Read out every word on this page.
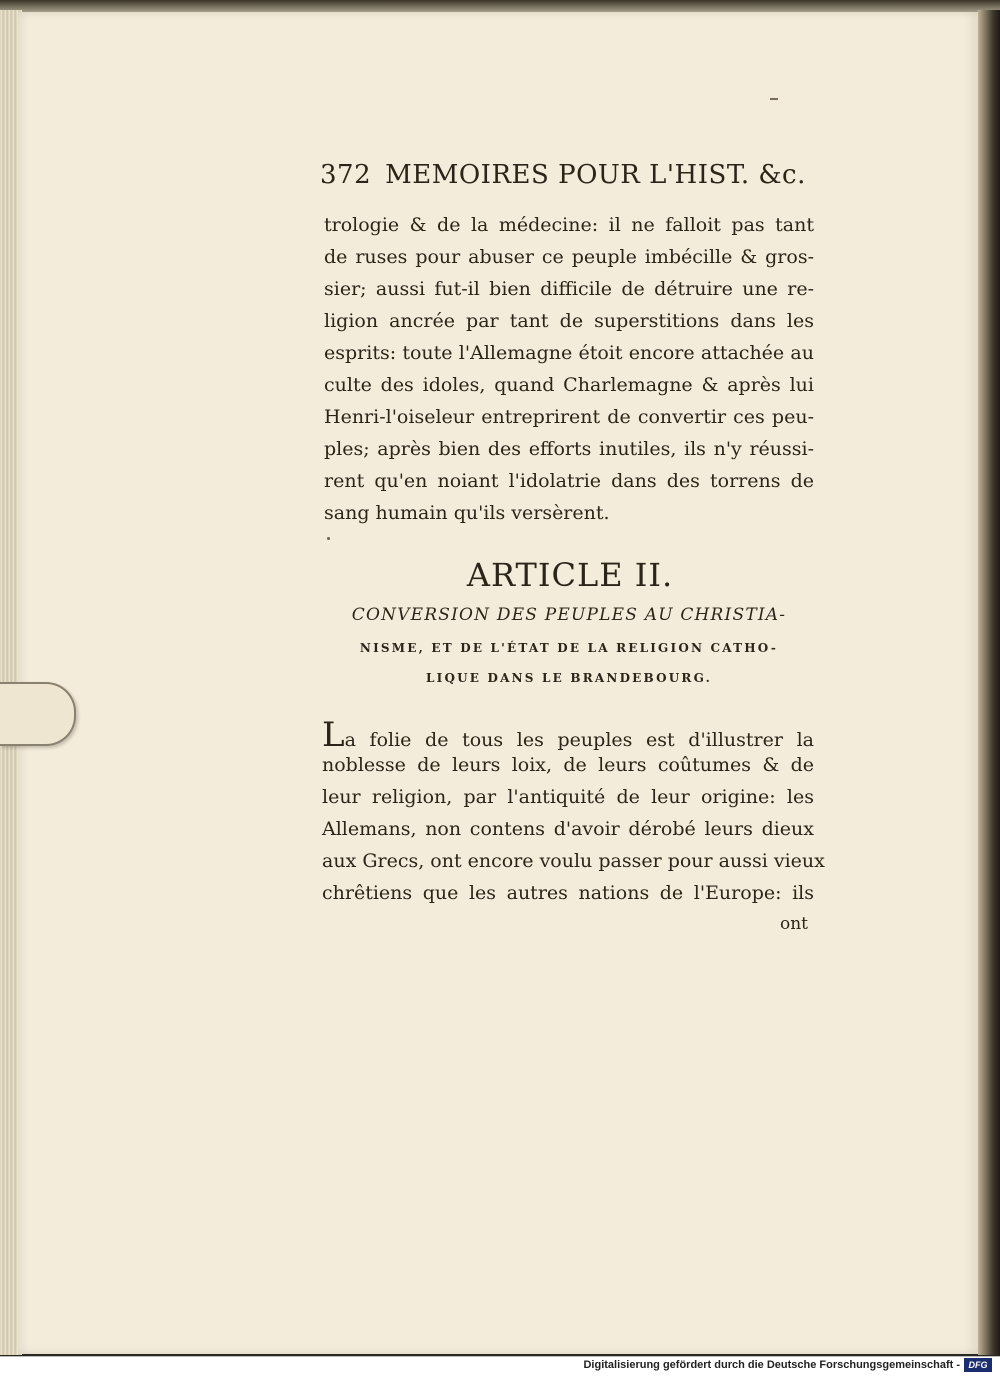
372 MEMOIRES POUR L'HIST. &c.
trologie & de la médecine: il ne falloit pas tant
de ruses pour abuser ce peuple imbécille & gros-
sier; aussi fut-il bien difficile de détruire une re-
ligion ancrée par tant de superstitions dans les
esprits: toute l'Allemagne étoit encore attachée au
culte des idoles, quand Charlemagne & après lui
Henri-l'oiseleur entreprirent de convertir ces peu-
ples; après bien des efforts inutiles, ils n'y réussi-
rent qu'en noiant l'idolatrie dans des torrens de
sang humain qu'ils versèrent.
ARTICLE II.
CONVERSION DES PEUPLES AU CHRISTIA-
NISME, ET DE L'ÉTAT DE LA RELIGION CATHO-
LIQUE DANS LE BRANDEBOURG.
La folie de tous les peuples est d'illustrer la
noblesse de leurs loix, de leurs coûtumes & de
leur religion, par l'antiquité de leur origine: les
Allemans, non contens d'avoir dérobé leurs dieux
aux Grecs, ont encore voulu passer pour aussi vieux
chrêtiens que les autres nations de l'Europe: ils
ont
Digitalisierung gefördert durch die Deutsche Forschungsgemeinschaft - DFG
